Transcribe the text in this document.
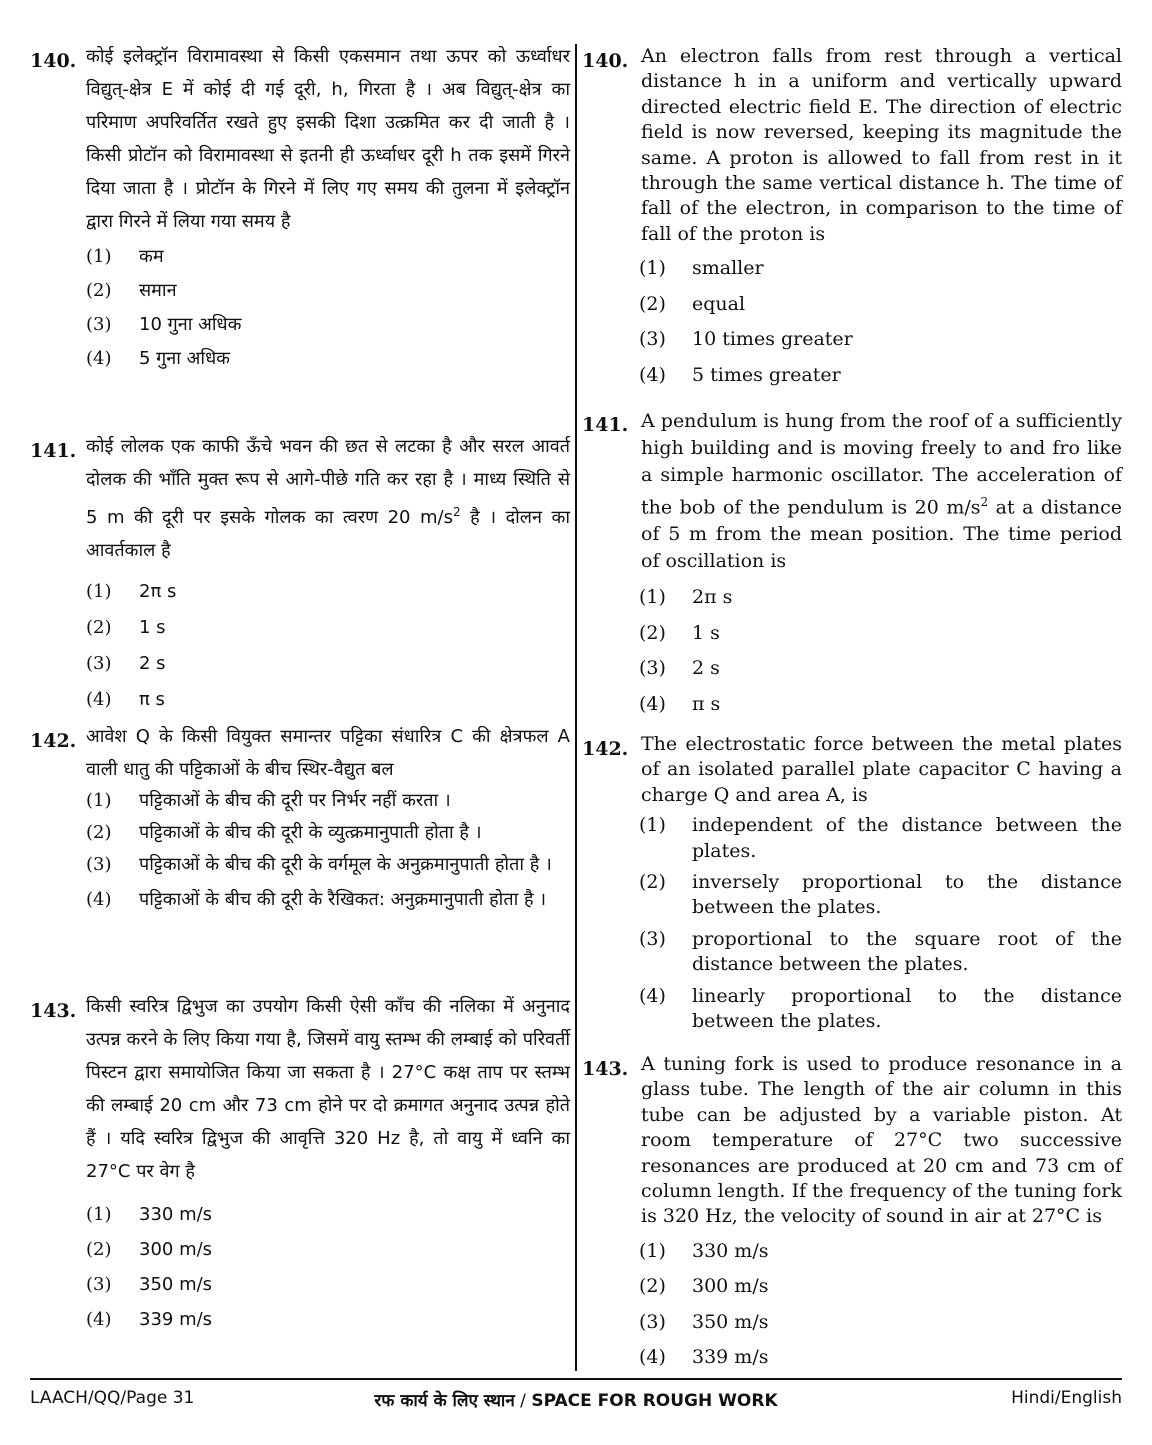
140. कोई इलेक्ट्रॉन विरामावस्था से किसी एकसमान तथा ऊपर को ऊर्ध्वाधर विद्युत्-क्षेत्र E में कोई दी गई दूरी, h, गिरता है । अब विद्युत्-क्षेत्र का परिमाण अपरिवर्तित रखते हुए इसकी दिशा उत्क्रमित कर दी जाती है । किसी प्रोटॉन को विरामावस्था से इतनी ही ऊर्ध्वाधर दूरी h तक इसमें गिरने दिया जाता है । प्रोटॉन के गिरने में लिए गए समय की तुलना में इलेक्ट्रॉन द्वारा गिरने में लिया गया समय है
(1) कम
(2) समान
(3) 10 गुना अधिक
(4) 5 गुना अधिक
141. कोई लोलक एक काफी ऊँचे भवन की छत से लटका है और सरल आवर्त दोलक की भाँति मुक्त रूप से आगे-पीछे गति कर रहा है । माध्य स्थिति से 5 m की दूरी पर इसके गोलक का त्वरण 20 $m/s^2$ है । दोलन का आवर्तकाल है
(1) 2π s
(2) 1 s
(3) 2 s
(4) π s
142. आवेश Q के किसी वियुक्त समान्तर पट्टिका संधारित्र C की क्षेत्रफल A वाली धातु की पट्टिकाओं के बीच स्थिर-वैद्युत बल
(1) पट्टिकाओं के बीच की दूरी पर निर्भर नहीं करता ।
(2) पट्टिकाओं के बीच की दूरी के व्युत्क्रमानुपाती होता है ।
(3) पट्टिकाओं के बीच की दूरी के वर्गमूल के अनुक्रमानुपाती होता है ।
(4) पट्टिकाओं के बीच की दूरी के रैखिकत: अनुक्रमानुपाती होता है ।
143. किसी स्वरित्र द्विभुज का उपयोग किसी ऐसी काँच की नलिका में अनुनाद उत्पन्न करने के लिए किया गया है, जिसमें वायु स्तम्भ की लम्बाई को परिवर्ती पिस्टन द्वारा समायोजित किया जा सकता है । 27°C कक्ष ताप पर स्तम्भ की लम्बाई 20 cm और 73 cm होने पर दो क्रमागत अनुनाद उत्पन्न होते हैं । यदि स्वरित्र द्विभुज की आवृत्ति 320 Hz है, तो वायु में ध्वनि का 27°C पर वेग है
(1) 330 m/s
(2) 300 m/s
(3) 350 m/s
(4) 339 m/s
140. An electron falls from rest through a vertical distance h in a uniform and vertically upward directed electric field E. The direction of electric field is now reversed, keeping its magnitude the same. A proton is allowed to fall from rest in it through the same vertical distance h. The time of fall of the electron, in comparison to the time of fall of the proton is
(1) smaller
(2) equal
(3) 10 times greater
(4) 5 times greater
141. A pendulum is hung from the roof of a sufficiently high building and is moving freely to and fro like a simple harmonic oscillator. The acceleration of the bob of the pendulum is 20 $m/s^2$ at a distance of 5 m from the mean position. The time period of oscillation is
(1) 2π s
(2) 1 s
(3) 2 s
(4) π s
142. The electrostatic force between the metal plates of an isolated parallel plate capacitor C having a charge Q and area A, is
(1) independent of the distance between the plates.
(2) inversely proportional to the distance between the plates.
(3) proportional to the square root of the distance between the plates.
(4) linearly proportional to the distance between the plates.
143. A tuning fork is used to produce resonance in a glass tube. The length of the air column in this tube can be adjusted by a variable piston. At room temperature of 27°C two successive resonances are produced at 20 cm and 73 cm of column length. If the frequency of the tuning fork is 320 Hz, the velocity of sound in air at 27°C is
(1) 330 m/s
(2) 300 m/s
(3) 350 m/s
(4) 339 m/s
LAACH/QQ/Page 31	रफ कार्य के लिए स्थान / SPACE FOR ROUGH WORK	Hindi/English
